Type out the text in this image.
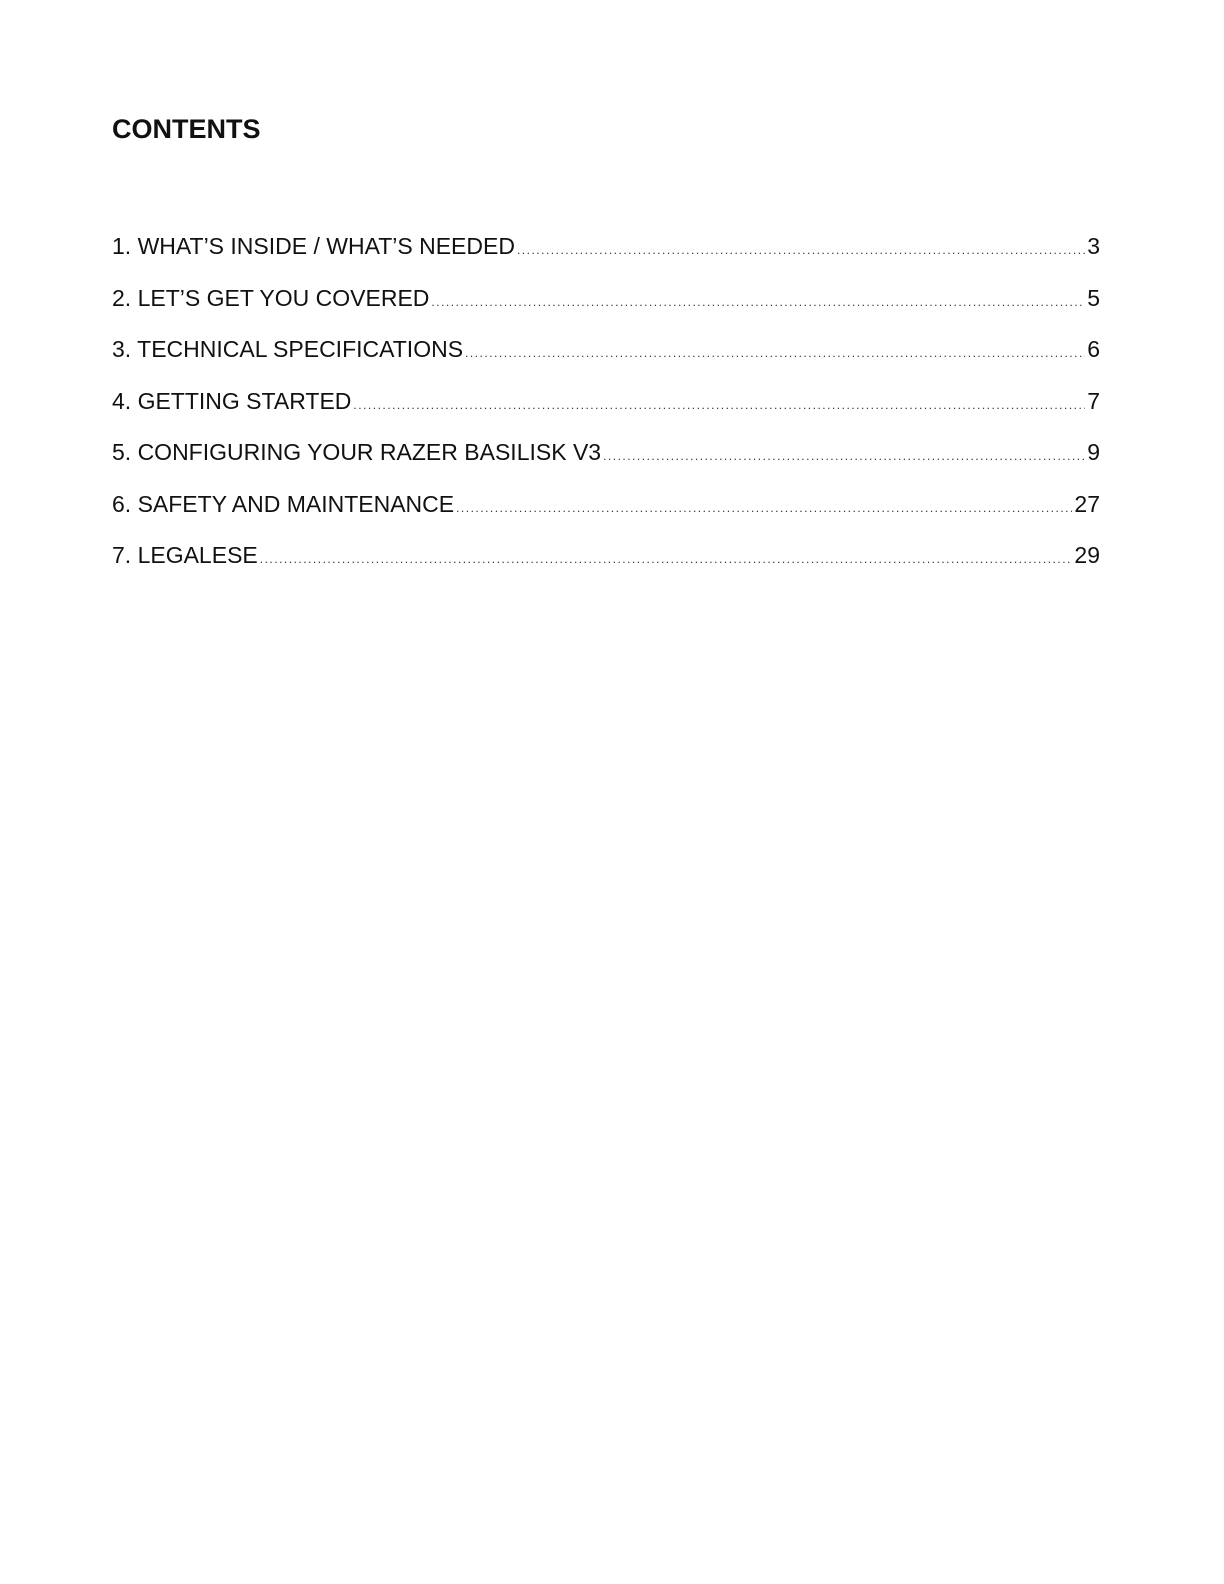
CONTENTS
1. WHAT’S INSIDE / WHAT’S NEEDED .....	3
2. LET’S GET YOU COVERED .....	5
3. TECHNICAL SPECIFICATIONS .....	6
4. GETTING STARTED .....	7
5. CONFIGURING YOUR RAZER BASILISK V3 .....	9
6. SAFETY AND MAINTENANCE .....	27
7. LEGALESE .....	29
